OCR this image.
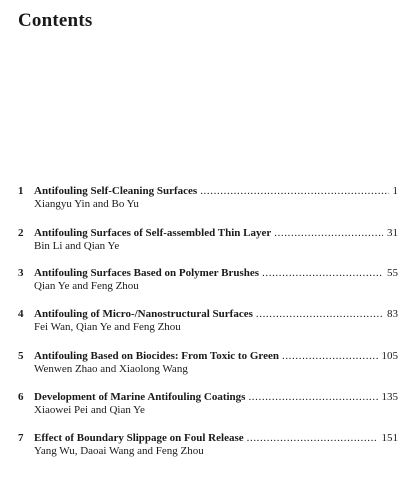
Contents
1 Antifouling Self-Cleaning Surfaces .....	1
Xiangyu Yin and Bo Yu
2 Antifouling Surfaces of Self-assembled Thin Layer .....	31
Bin Li and Qian Ye
3 Antifouling Surfaces Based on Polymer Brushes .....	55
Qian Ye and Feng Zhou
4 Antifouling of Micro-/Nanostructural Surfaces .....	83
Fei Wan, Qian Ye and Feng Zhou
5 Antifouling Based on Biocides: From Toxic to Green .....	105
Wenwen Zhao and Xiaolong Wang
6 Development of Marine Antifouling Coatings .....	135
Xiaowei Pei and Qian Ye
7 Effect of Boundary Slippage on Foul Release .....	151
Yang Wu, Daoai Wang and Feng Zhou
